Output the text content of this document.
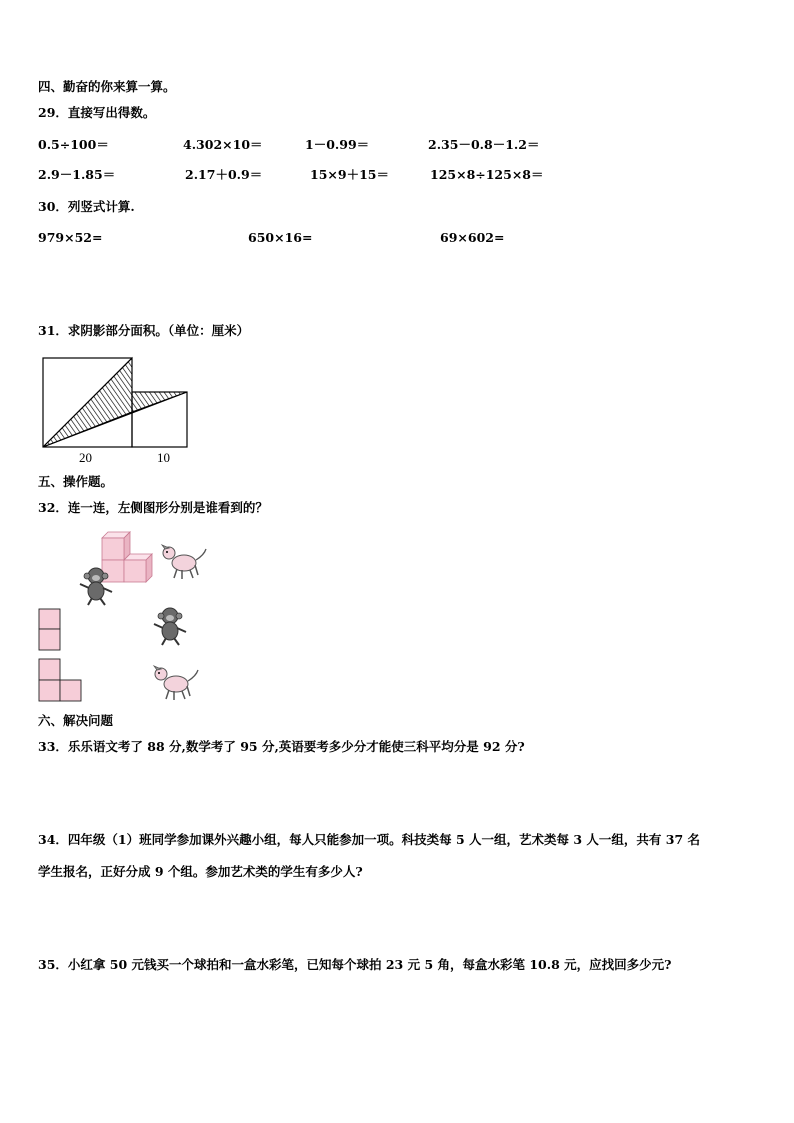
四、勤奋的你来算一算。
29．直接写出得数。
0.5÷100＝	4.302×10＝	1－0.99＝	2.35－0.8－1.2＝
2.9－1.85＝	2.17＋0.9＝	15×9＋15＝	125×8÷125×8＝
30．列竖式计算.
979×52=	650×16=	69×602=
31．求阴影部分面积。（单位：厘米）
20	10
五、操作题。
32．连一连，左侧图形分别是谁看到的？
六、解决问题
33．乐乐语文考了 88 分,数学考了 95 分,英语要考多少分才能使三科平均分是 92 分?
34．四年级（1）班同学参加课外兴趣小组，每人只能参加一项。科技类每 5 人一组，艺术类每 3 人一组，共有 37 名
学生报名，正好分成 9 个组。参加艺术类的学生有多少人?
35．小红拿 50 元钱买一个球拍和一盒水彩笔，已知每个球拍 23 元 5 角，每盒水彩笔 10.8 元，应找回多少元?
